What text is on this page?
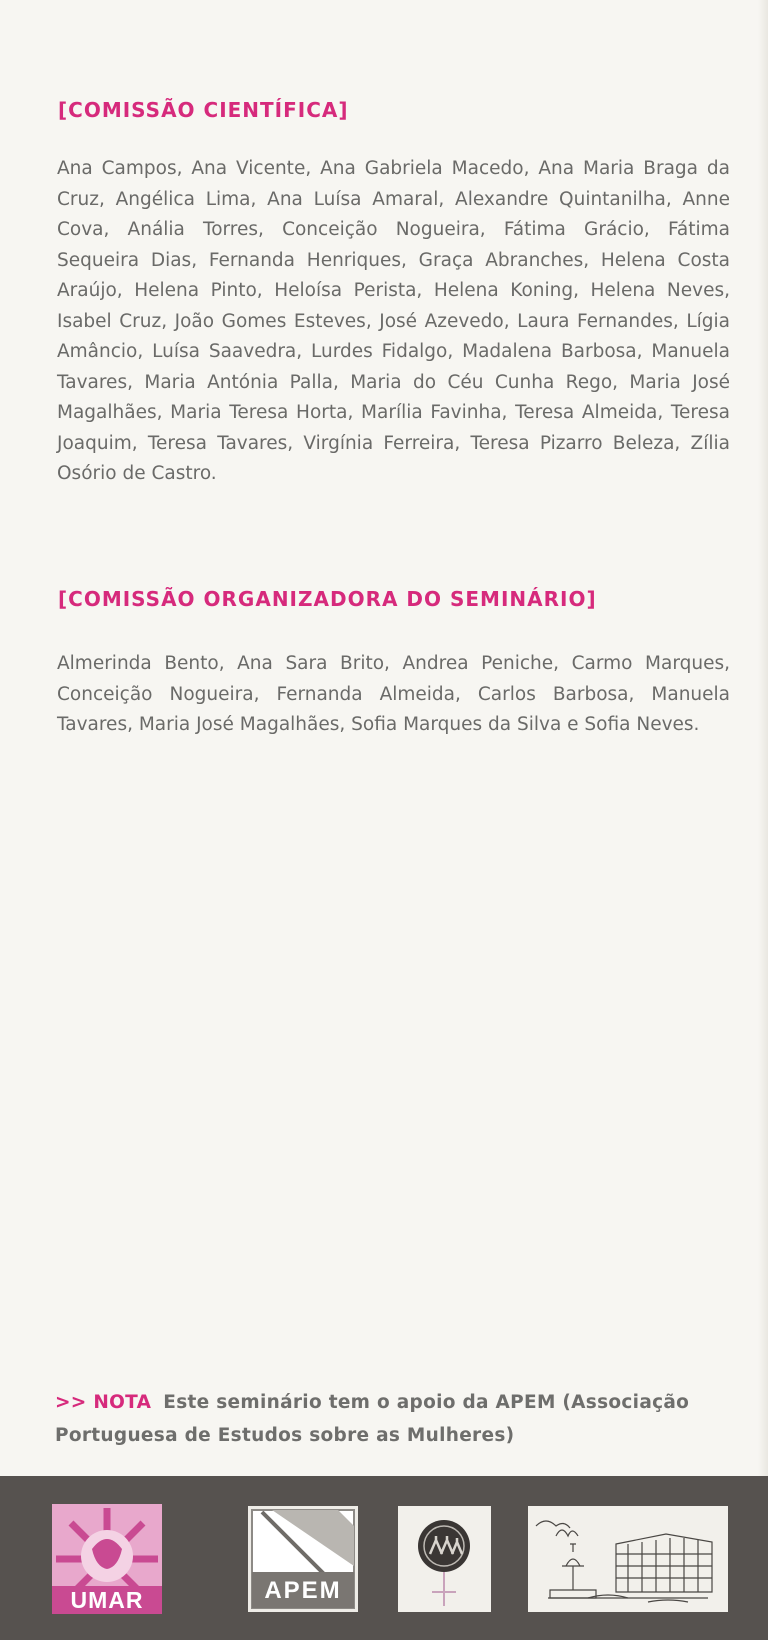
[COMISSÃO CIENTÍFICA]

Ana Campos, Ana Vicente, Ana Gabriela Macedo, Ana Maria Braga da Cruz, Angélica Lima, Ana Luísa Amaral, Alexandre Quintanilha, Anne Cova, Anália Torres, Conceição Nogueira, Fátima Grácio, Fátima Sequeira Dias, Fernanda Henriques, Graça Abranches, Helena Costa Araújo, Helena Pinto, Heloísa Perista, Helena Koning, Helena Neves, Isabel Cruz, João Gomes Esteves, José Azevedo, Laura Fernandes, Lígia Amâncio, Luísa Saavedra, Lurdes Fidalgo, Madalena Barbosa, Manuela Tavares, Maria Antónia Palla, Maria do Céu Cunha Rego, Maria José Magalhães, Maria Teresa Horta, Marília Favinha, Teresa Almeida, Teresa Joaquim, Teresa Tavares, Virgínia Ferreira, Teresa Pizarro Beleza, Zília Osório de Castro.

[COMISSÃO ORGANIZADORA DO SEMINÁRIO]

Almerinda Bento, Ana Sara Brito, Andrea Peniche, Carmo Marques, Conceição Nogueira, Fernanda Almeida, Carlos Barbosa, Manuela Tavares, Maria José Magalhães, Sofia Marques da Silva e Sofia Neves.

>> NOTA Este seminário tem o apoio da APEM (Associação Portuguesa de Estudos sobre as Mulheres)

UMAR	APEM
